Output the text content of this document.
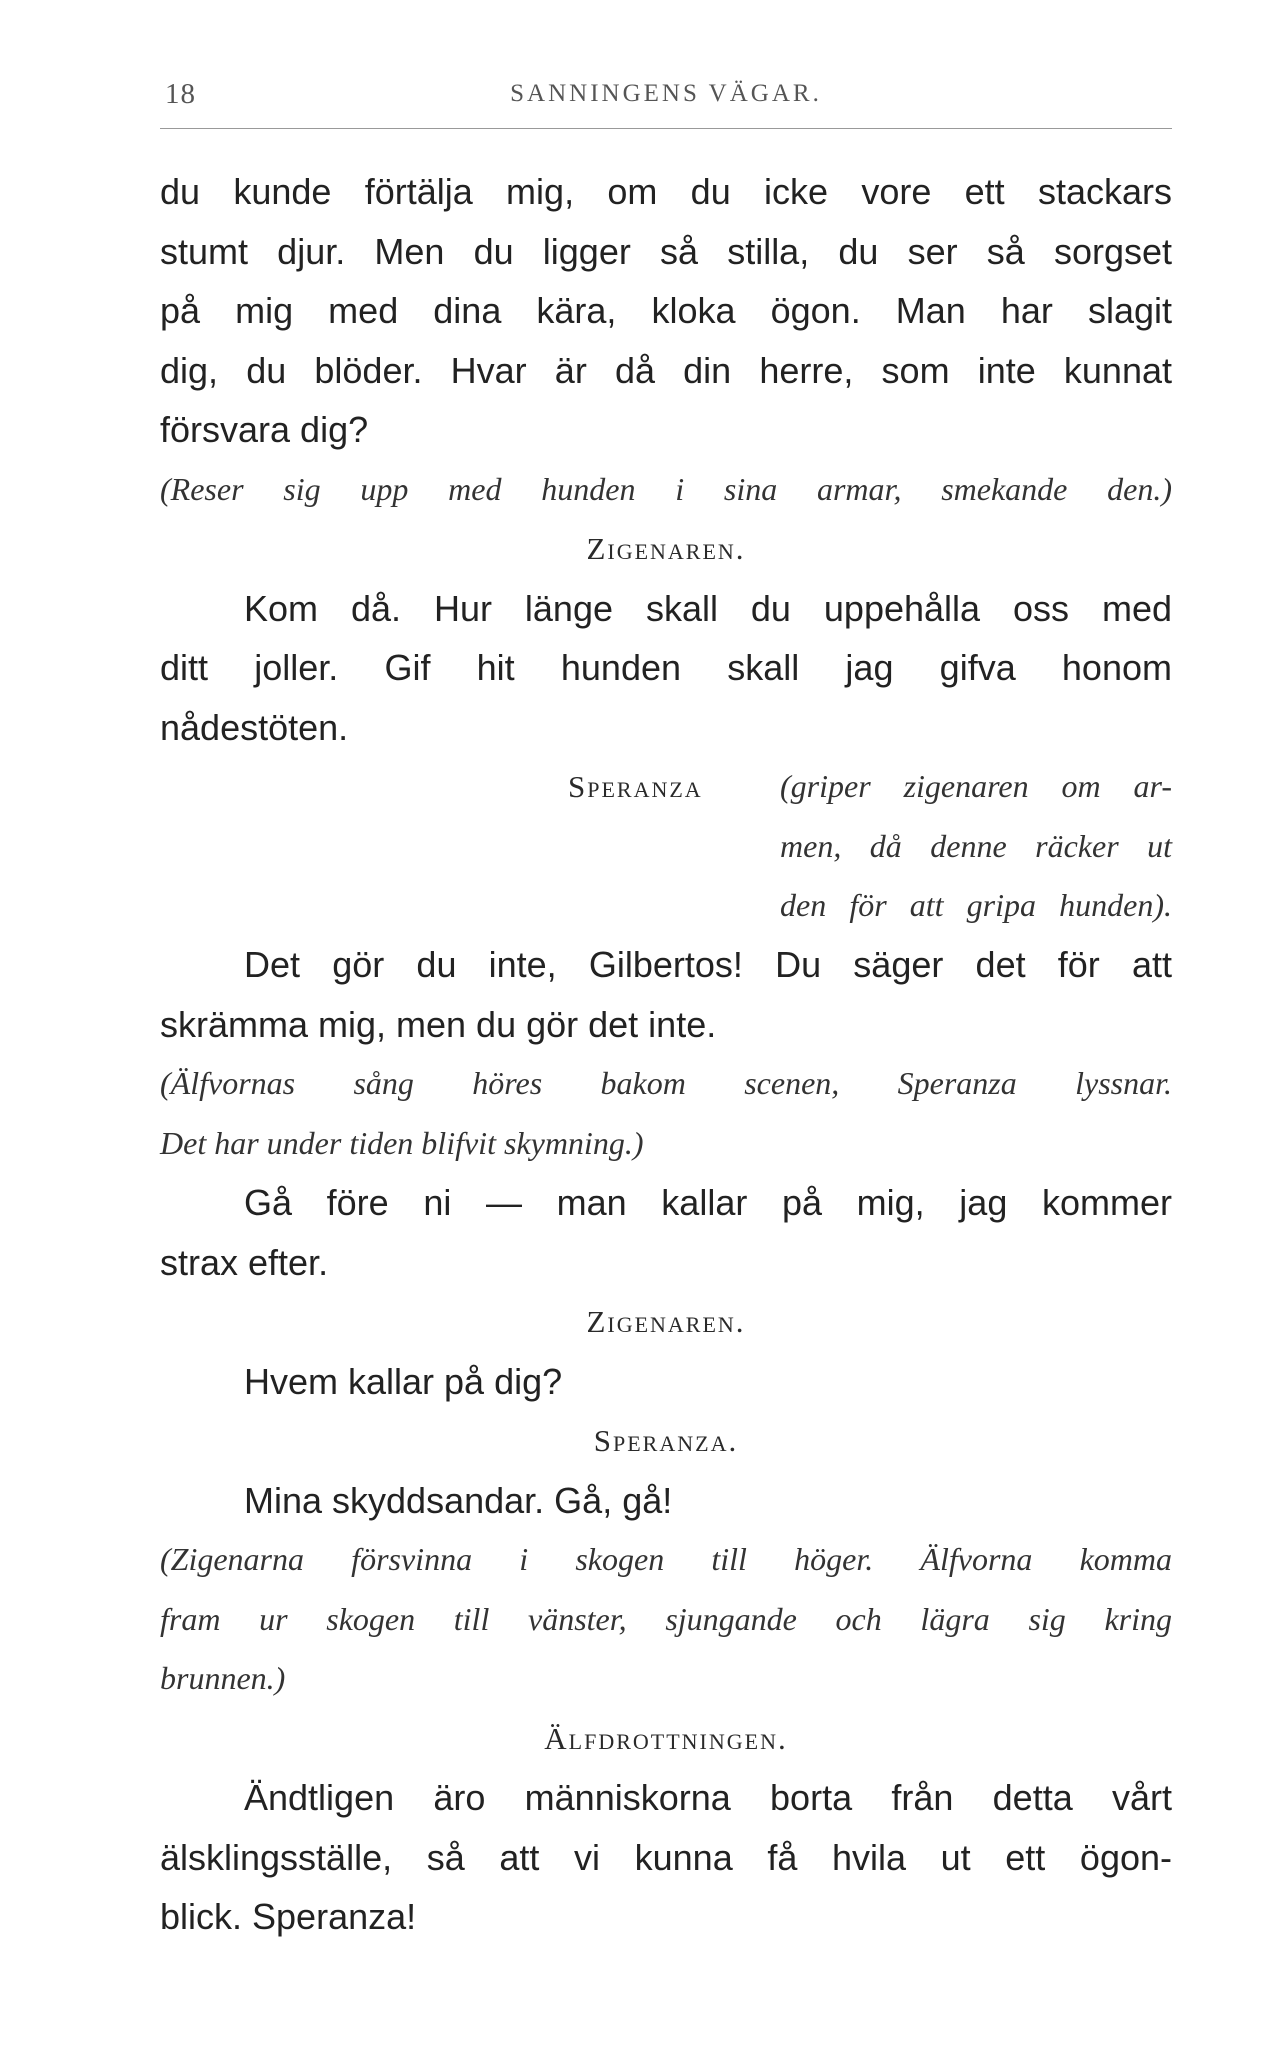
18	SANNINGENS VÄGAR.

du kunde förtälja mig, om du icke vore ett stackars
stumt djur. Men du ligger så stilla, du ser så sorgset
på mig med dina kära, kloka ögon. Man har slagit
dig, du blöder. Hvar är då din herre, som inte kunnat
försvara dig?

(Reser sig upp med hunden i sina armar, smekande den.)

Zigenaren.

Kom då. Hur länge skall du uppehålla oss med
ditt joller. Gif hit hunden skall jag gifva honom
nådestöten.

Speranza (griper zigenaren om ar-
men, då denne räcker ut
den för att gripa hunden).

Det gör du inte, Gilbertos! Du säger det för att
skrämma mig, men du gör det inte.

(Älfvornas sång höres bakom scenen, Speranza lyssnar.
Det har under tiden blifvit skymning.)

Gå före ni — man kallar på mig, jag kommer
strax efter.

Zigenaren.

Hvem kallar på dig?

Speranza.

Mina skyddsandar. Gå, gå!

(Zigenarna försvinna i skogen till höger. Älfvorna komma
fram ur skogen till vänster, sjungande och lägra sig kring
brunnen.)

Älfdrottningen.

Ändtligen äro människorna borta från detta vårt
älsklingsställe, så att vi kunna få hvila ut ett ögon-
blick. Speranza!
